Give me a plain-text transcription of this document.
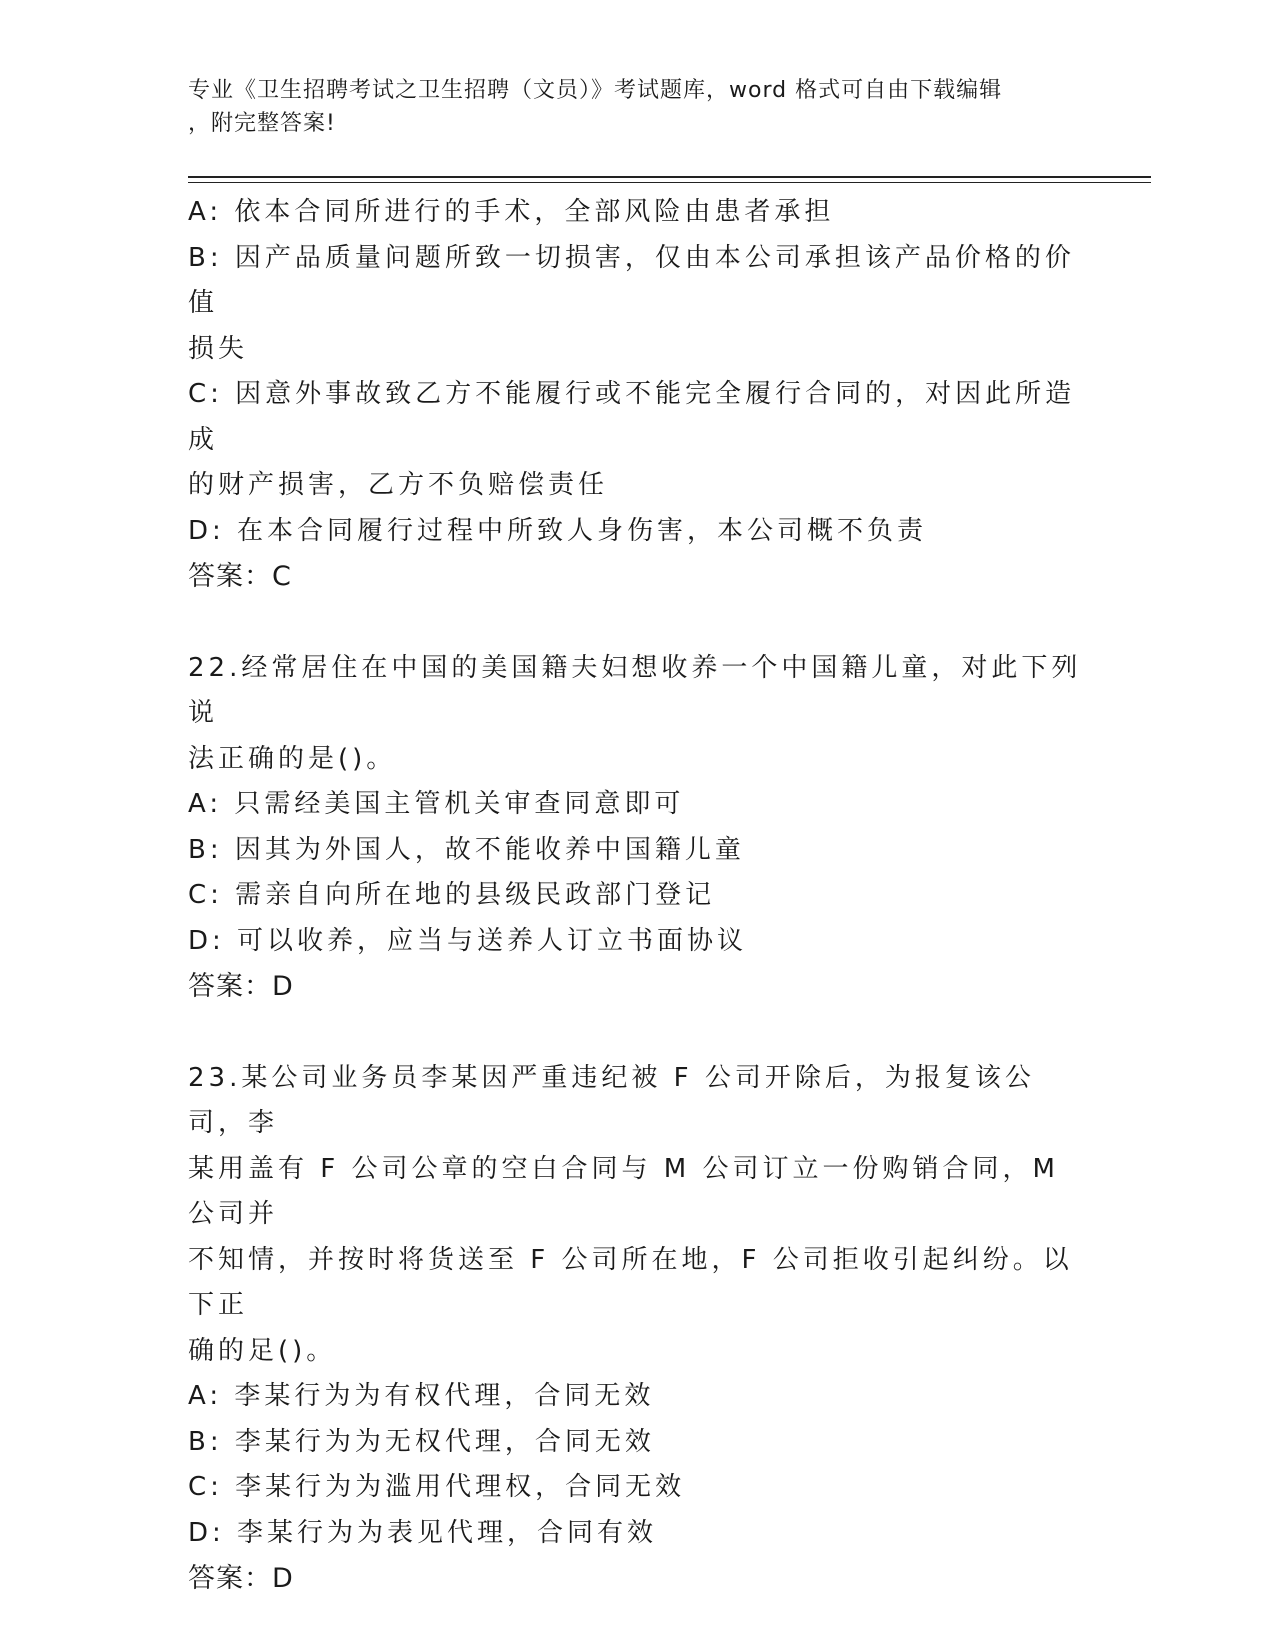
专业《卫生招聘考试之卫生招聘（文员）》考试题库，word 格式可自由下载编辑
，附完整答案!
A: 依本合同所进行的手术，全部风险由患者承担
B: 因产品质量问题所致一切损害，仅由本公司承担该产品价格的价值
损失
C: 因意外事故致乙方不能履行或不能完全履行合同的，对因此所造成
的财产损害，乙方不负赔偿责任
D: 在本合同履行过程中所致人身伤害，本公司概不负责
答案：C
22.经常居住在中国的美国籍夫妇想收养一个中国籍儿童，对此下列说
法正确的是()。
A: 只需经美国主管机关审查同意即可
B: 因其为外国人，故不能收养中国籍儿童
C: 需亲自向所在地的县级民政部门登记
D: 可以收养，应当与送养人订立书面协议
答案：D
23.某公司业务员李某因严重违纪被 F 公司开除后，为报复该公司，李
某用盖有 F 公司公章的空白合同与 M 公司订立一份购销合同，M 公司并
不知情，并按时将货送至 F 公司所在地，F 公司拒收引起纠纷。以下正
确的足()。
A: 李某行为为有权代理，合同无效
B: 李某行为为无权代理，合同无效
C: 李某行为为滥用代理权，合同无效
D: 李某行为为表见代理，合同有效
答案：D
